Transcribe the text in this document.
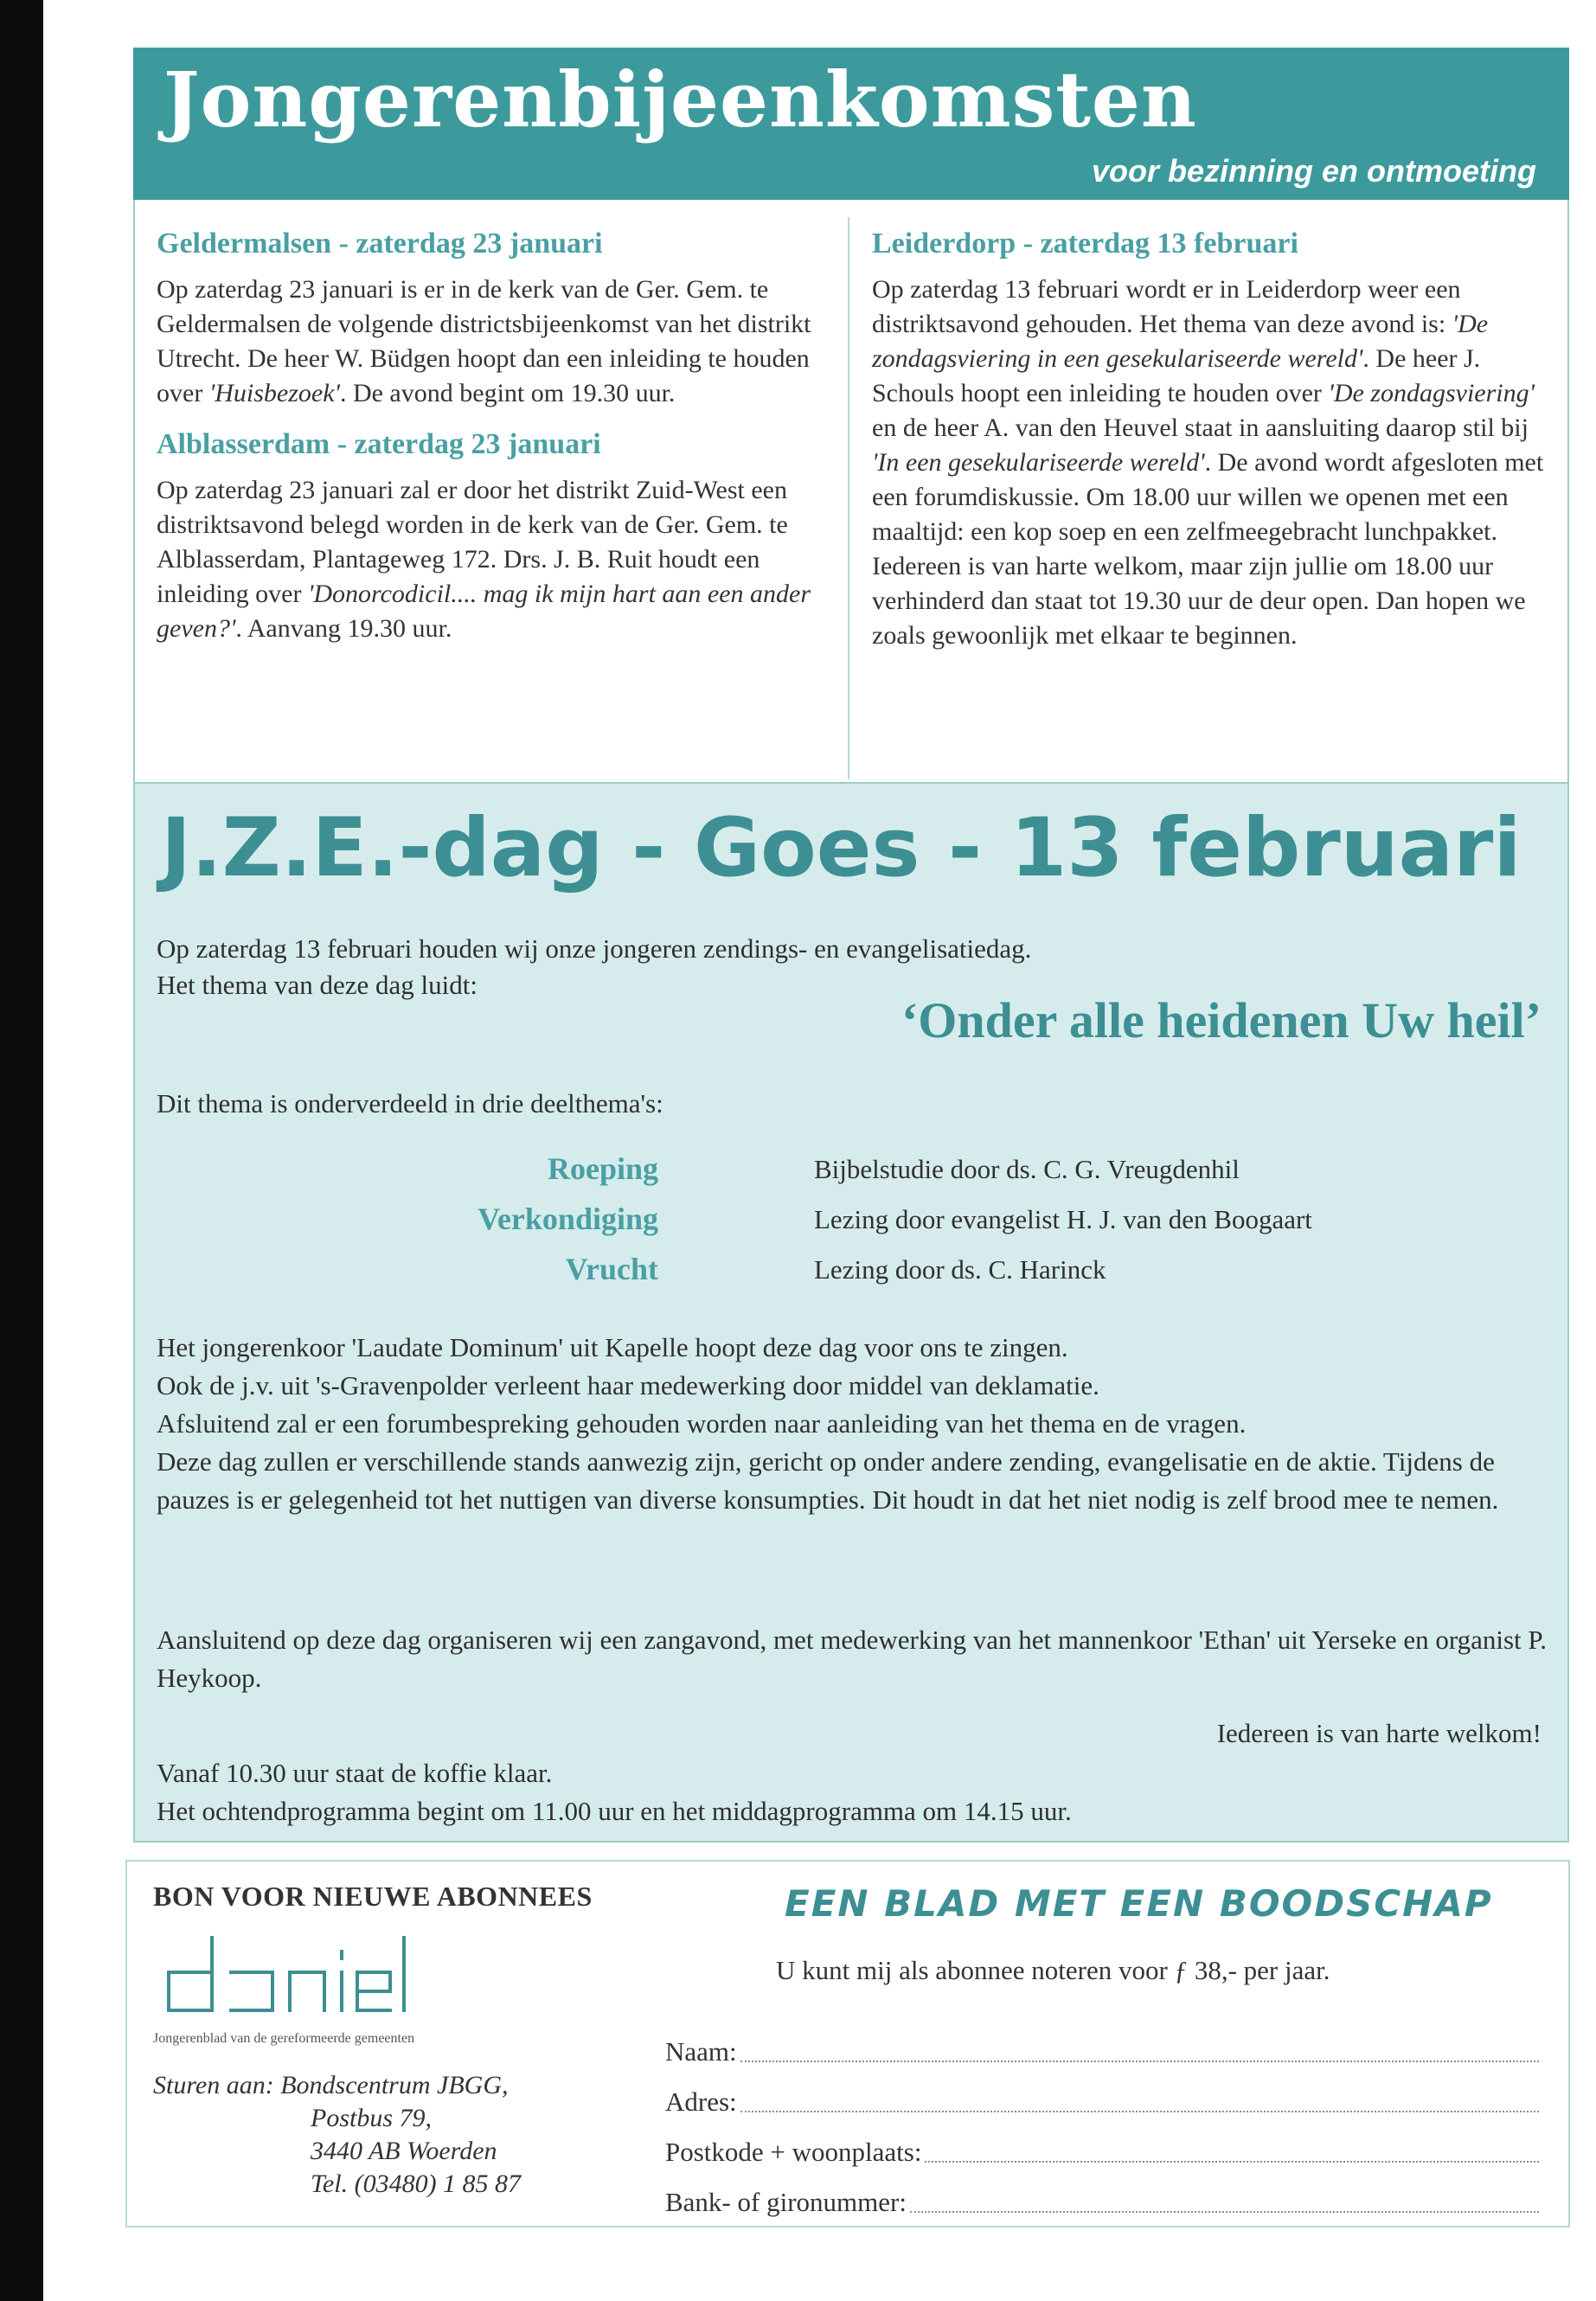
Jongerenbijeenkomsten
voor bezinning en ontmoeting
Geldermalsen - zaterdag 23 januari

Op zaterdag 23 januari is er in de kerk van de Ger. Gem. te Geldermalsen de volgende districtsbijeenkomst van het distrikt Utrecht. De heer W. Büdgen hoopt dan een inleiding te houden over 'Huisbezoek'. De avond begint om 19.30 uur.

Alblasserdam - zaterdag 23 januari

Op zaterdag 23 januari zal er door het distrikt Zuid-West een distriktsavond belegd worden in de kerk van de Ger. Gem. te Alblasserdam, Plantageweg 172. Drs. J. B. Ruit houdt een inleiding over 'Donorcodicil.... mag ik mijn hart aan een ander geven?'. Aanvang 19.30 uur.

Leiderdorp - zaterdag 13 februari

Op zaterdag 13 februari wordt er in Leiderdorp weer een distriktsavond gehouden. Het thema van deze avond is: 'De zondagsviering in een gesekulariseerde wereld'. De heer J. Schouls hoopt een inleiding te houden over 'De zondagsviering' en de heer A. van den Heuvel staat in aansluiting daarop stil bij 'In een gesekulariseerde wereld'. De avond wordt afgesloten met een forumdiskussie. Om 18.00 uur willen we openen met een maaltijd: een kop soep en een zelfmeegebracht lunchpakket. Iedereen is van harte welkom, maar zijn jullie om 18.00 uur verhinderd dan staat tot 19.30 uur de deur open. Dan hopen we zoals gewoonlijk met elkaar te beginnen.

J.Z.E.-dag - Goes - 13 februari
Op zaterdag 13 februari houden wij onze jongeren zendings- en evangelisatiedag.
Het thema van deze dag luidt:
‘Onder alle heidenen Uw heil’
Dit thema is onderverdeeld in drie deelthema's:
Roeping	Bijbelstudie door ds. C. G. Vreugdenhil
Verkondiging	Lezing door evangelist H. J. van den Boogaart
Vrucht	Lezing door ds. C. Harinck
Het jongerenkoor 'Laudate Dominum' uit Kapelle hoopt deze dag voor ons te zingen.
Ook de j.v. uit 's-Gravenpolder verleent haar medewerking door middel van deklamatie.
Afsluitend zal er een forumbespreking gehouden worden naar aanleiding van het thema en de vragen.
Deze dag zullen er verschillende stands aanwezig zijn, gericht op onder andere zending, evangelisatie en de aktie. Tijdens de pauzes is er gelegenheid tot het nuttigen van diverse konsumpties. Dit houdt in dat het niet nodig is zelf brood mee te nemen.
Aansluitend op deze dag organiseren wij een zangavond, met medewerking van het mannenkoor 'Ethan' uit Yerseke en organist P. Heykoop.
Iedereen is van harte welkom!
Vanaf 10.30 uur staat de koffie klaar.
Het ochtendprogramma begint om 11.00 uur en het middagprogramma om 14.15 uur.
BON VOOR NIEUWE ABONNEES
Jongerenblad van de gereformeerde gemeenten
Sturen aan: Bondscentrum JBGG,
Postbus 79,
3440 AB Woerden
Tel. (03480) 1 85 87
EEN BLAD MET EEN BOODSCHAP
U kunt mij als abonnee noteren voor ƒ 38,- per jaar.
Naam:
Adres:
Postkode + woonplaats:
Bank- of gironummer:
